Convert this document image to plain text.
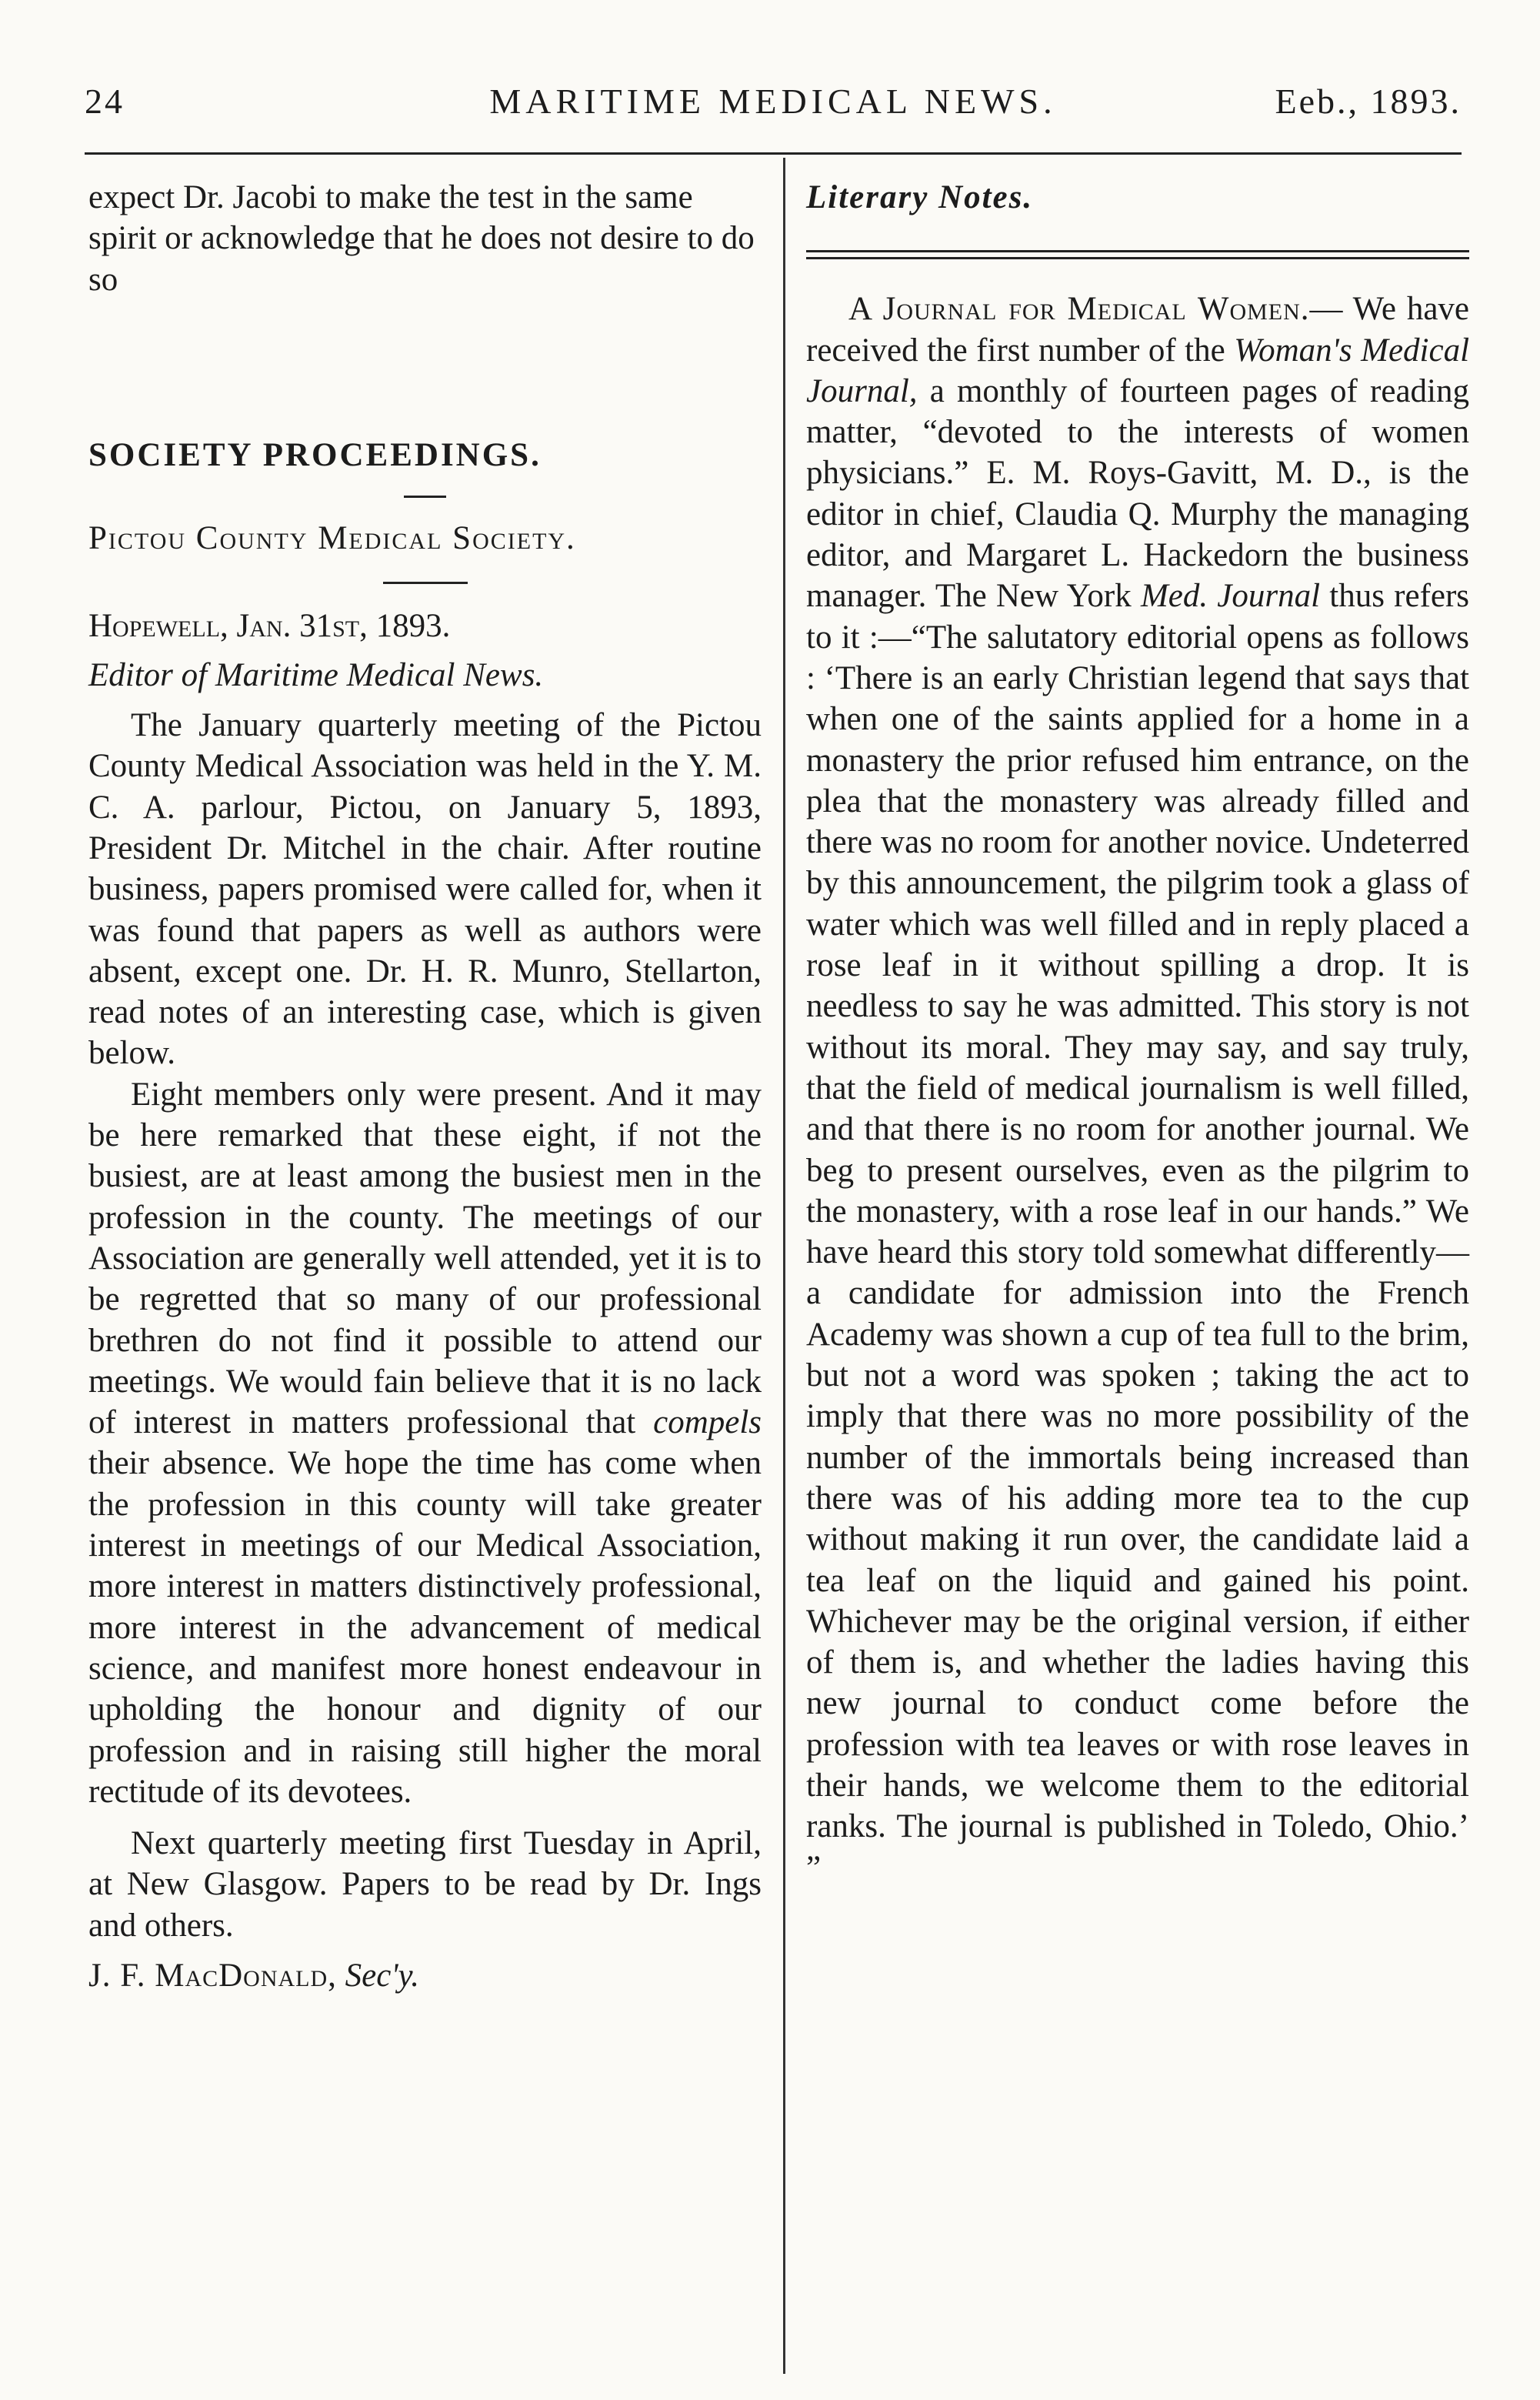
24	MARITIME MEDICAL NEWS.	Eeb., 1893.

expect Dr. Jacobi to make the test in the same spirit or acknowledge that he does not desire to do so

SOCIETY PROCEEDINGS.

Pictou County Medical Society.

Hopewell, Jan. 31st, 1893.

Editor of Maritime Medical News.

The January quarterly meeting of the Pictou County Medical Association was held in the Y. M. C. A. parlour, Pictou, on January 5, 1893, President Dr. Mitchel in the chair. After routine business, papers promised were called for, when it was found that papers as well as authors were absent, except one. Dr. H. R. Munro, Stellarton, read notes of an interesting case, which is given below.

Eight members only were present. And it may be here remarked that these eight, if not the busiest, are at least among the busiest men in the profession in the county. The meetings of our Association are generally well attended, yet it is to be regretted that so many of our professional brethren do not find it possible to attend our meetings. We would fain believe that it is no lack of interest in matters professional that compels their absence. We hope the time has come when the profession in this county will take greater interest in meetings of our Medical Association, more interest in matters distinctively professional, more interest in the advancement of medical science, and manifest more honest endeavour in upholding the honour and dignity of our profession and in raising still higher the moral rectitude of its devotees.

Next quarterly meeting first Tuesday in April, at New Glasgow. Papers to be read by Dr. Ings and others.

J. F. MacDonald, Sec'y.

Literary Notes.

A Journal for Medical Women.— We have received the first number of the Woman's Medical Journal, a monthly of fourteen pages of reading matter, “devoted to the interests of women physicians.” E. M. Roys-Gavitt, M. D., is the editor in chief, Claudia Q. Murphy the managing editor, and Margaret L. Hackedorn the business manager. The New York Med. Journal thus refers to it :—“The salutatory editorial opens as follows : ‘There is an early Christian legend that says that when one of the saints applied for a home in a monastery the prior refused him entrance, on the plea that the monastery was already filled and there was no room for another novice. Undeterred by this announcement, the pilgrim took a glass of water which was well filled and in reply placed a rose leaf in it without spilling a drop. It is needless to say he was admitted. This story is not without its moral. They may say, and say truly, that the field of medical journalism is well filled, and that there is no room for another journal. We beg to present ourselves, even as the pilgrim to the monastery, with a rose leaf in our hands.” We have heard this story told somewhat differently—a candidate for admission into the French Academy was shown a cup of tea full to the brim, but not a word was spoken ; taking the act to imply that there was no more possibility of the number of the immortals being increased than there was of his adding more tea to the cup without making it run over, the candidate laid a tea leaf on the liquid and gained his point. Whichever may be the original version, if either of them is, and whether the ladies having this new journal to conduct come before the profession with tea leaves or with rose leaves in their hands, we welcome them to the editorial ranks. The journal is published in Toledo, Ohio.’ ”
